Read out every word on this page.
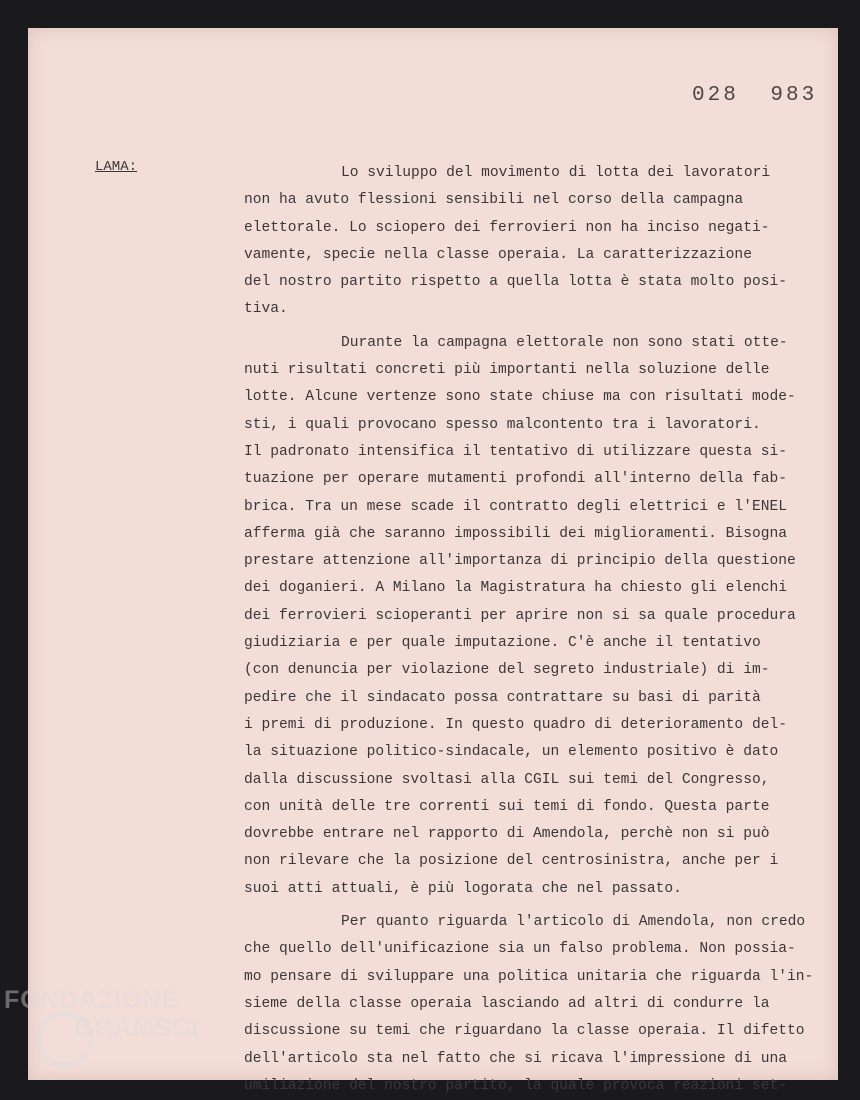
028 983
LAMA:	Lo sviluppo del movimento di lotta dei lavoratori
non ha avuto flessioni sensibili nel corso della campagna
elettorale. Lo sciopero dei ferrovieri non ha inciso negati-
vamente, specie nella classe operaia. La caratterizzazione
del nostro partito rispetto a quella lotta è stata molto posi-
tiva.
Durante la campagna elettorale non sono stati otte-
nuti risultati concreti più importanti nella soluzione delle
lotte. Alcune vertenze sono state chiuse ma con risultati mode-
sti, i quali provocano spesso malcontento tra i lavoratori.
Il padronato intensifica il tentativo di utilizzare questa si-
tuazione per operare mutamenti profondi all'interno della fab-
brica. Tra un mese scade il contratto degli elettrici e l'ENEL
afferma già che saranno impossibili dei miglioramenti. Bisogna
prestare attenzione all'importanza di principio della questione
dei doganieri. A Milano la Magistratura ha chiesto gli elenchi
dei ferrovieri scioperanti per aprire non si sa quale procedura
giudiziaria e per quale imputazione. C'è anche il tentativo
(con denuncia per violazione del segreto industriale) di im-
pedire che il sindacato possa contrattare su basi di parità
i premi di produzione. In questo quadro di deterioramento del-
la situazione politico-sindacale, un elemento positivo è dato
dalla discussione svoltasi alla CGIL sui temi del Congresso,
con unità delle tre correnti sui temi di fondo. Questa parte
dovrebbe entrare nel rapporto di Amendola, perchè non si può
non rilevare che la posizione del centrosinistra, anche per i
suoi atti attuali, è più logorata che nel passato.
Per quanto riguarda l'articolo di Amendola, non credo
che quello dell'unificazione sia un falso problema. Non possia-
mo pensare di sviluppare una politica unitaria che riguarda l'in-
sieme della classe operaia lasciando ad altri di condurre la
discussione su temi che riguardano la classe operaia. Il difetto
dell'articolo sta nel fatto che si ricava l'impressione di una
umiliazione del nostro partito, la quale provoca reazioni set-
FONDAZIONE
GRAMSCI
